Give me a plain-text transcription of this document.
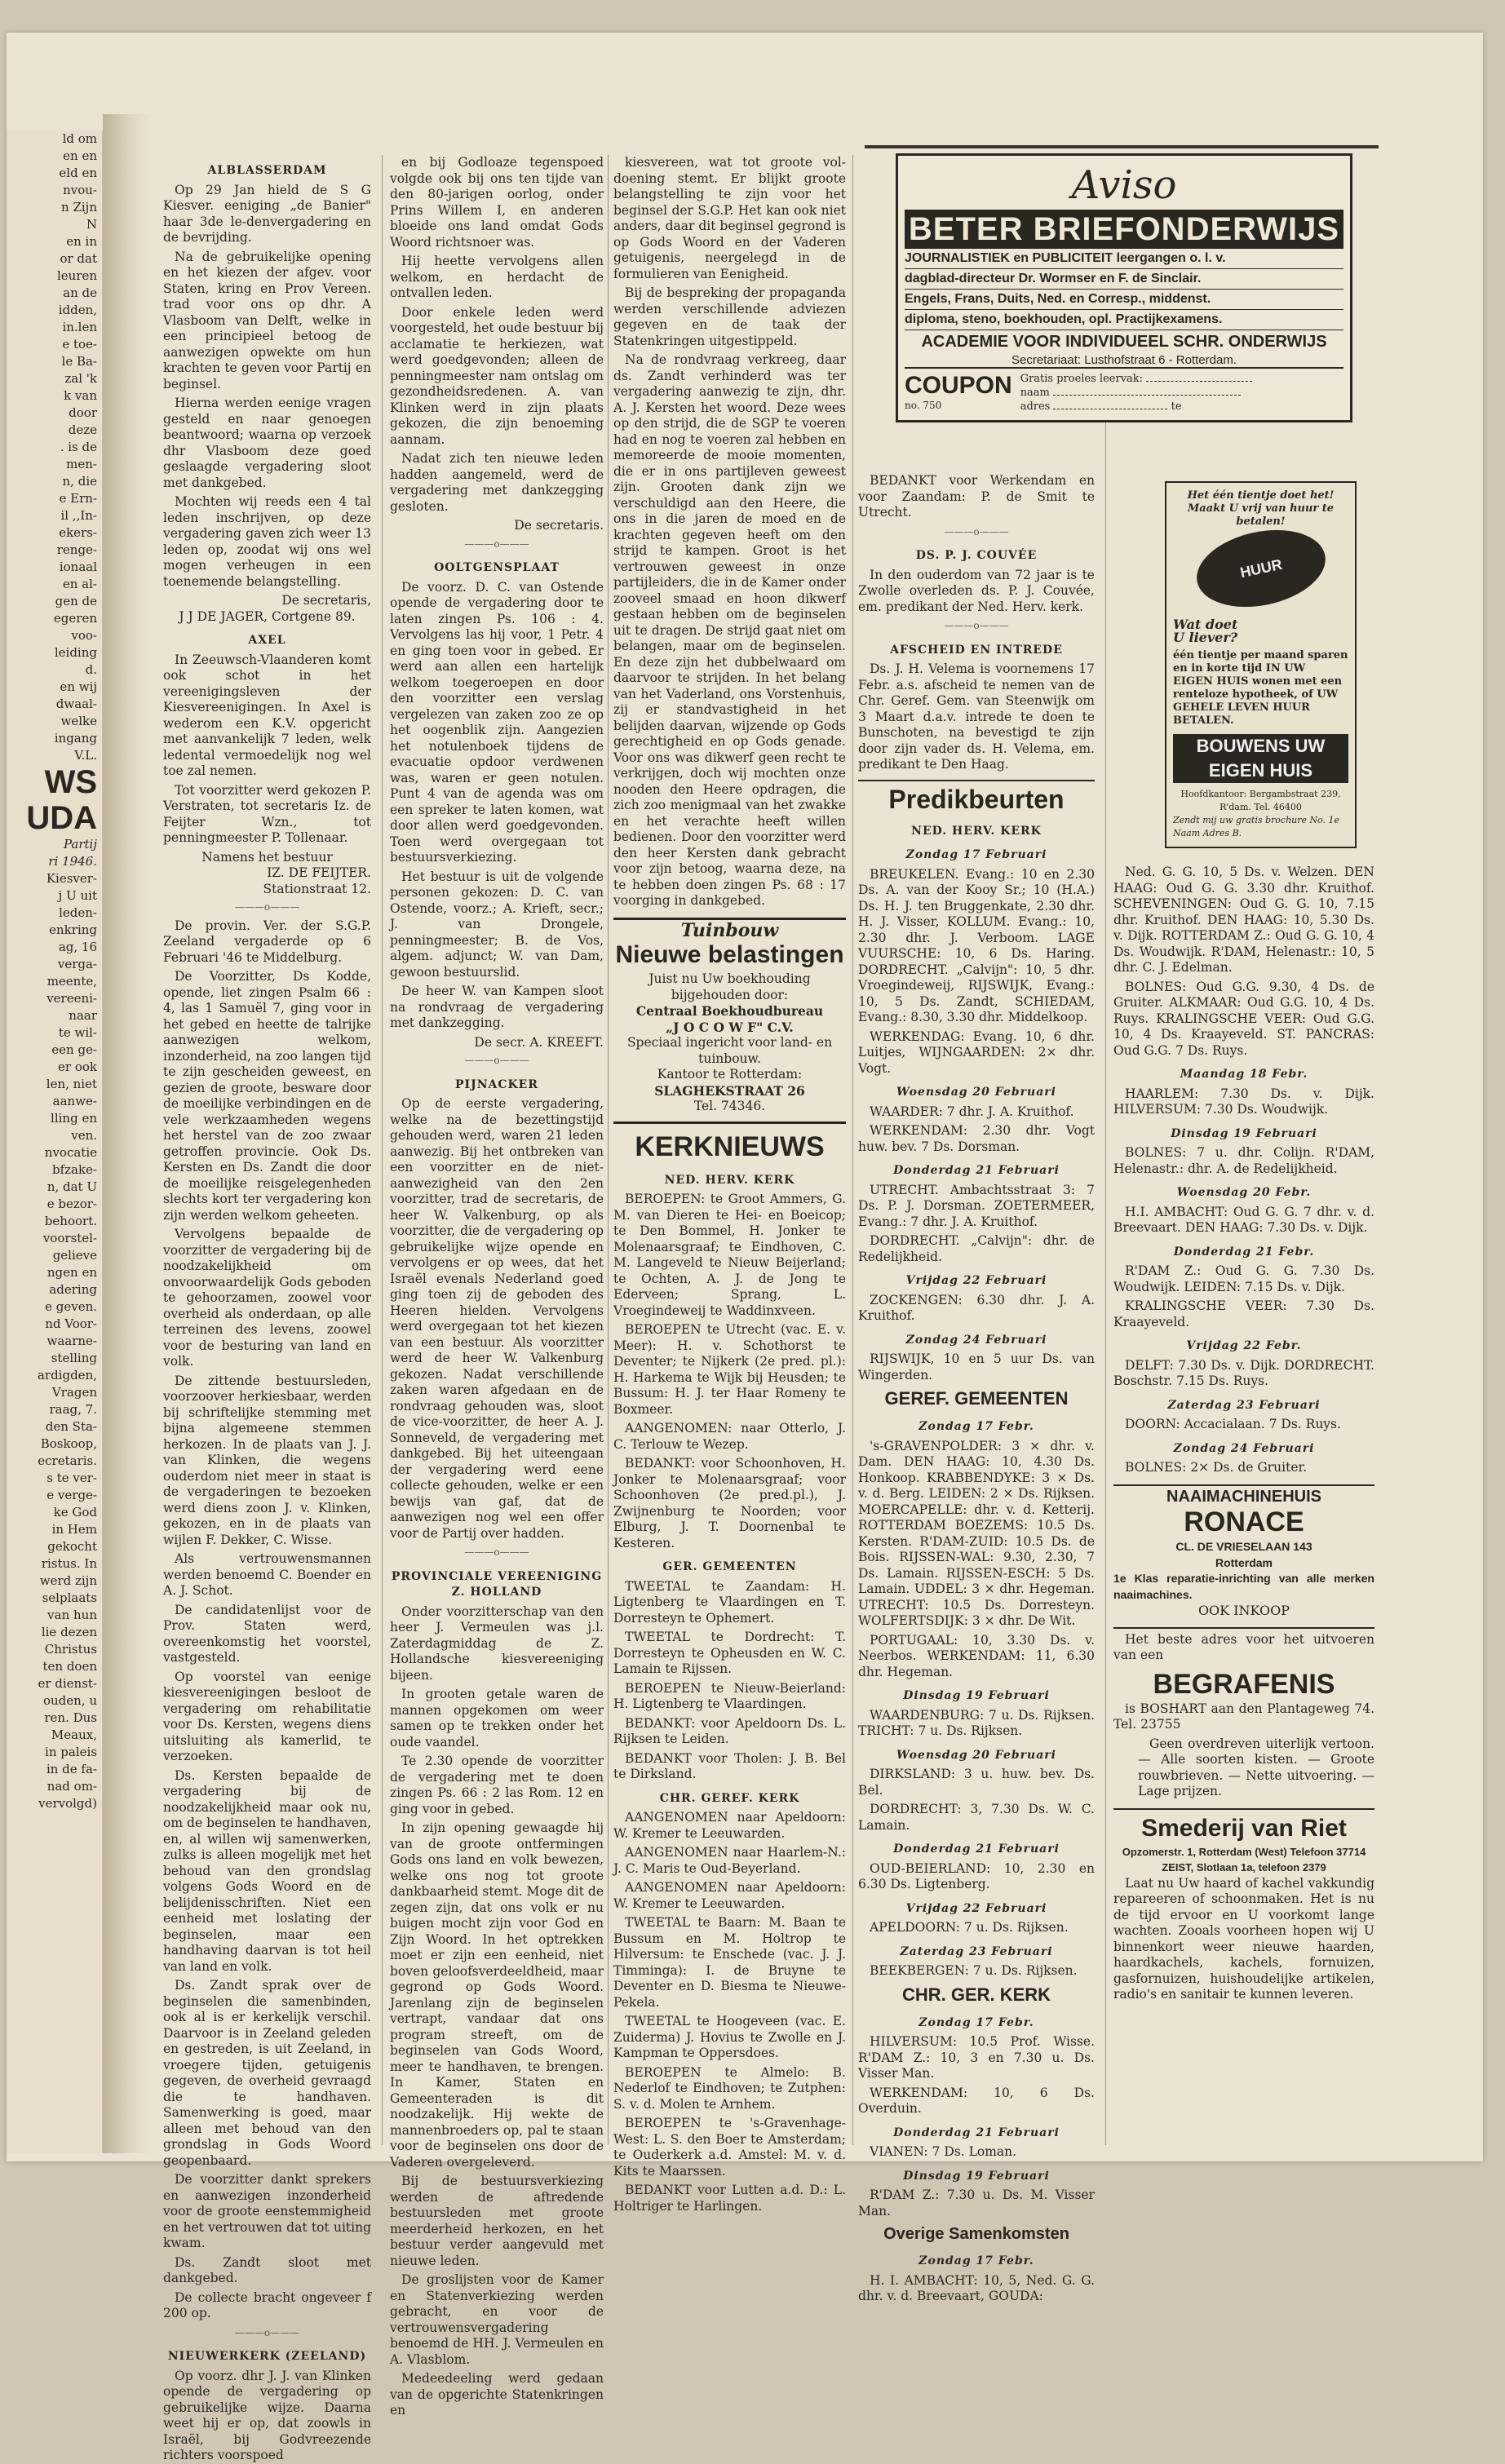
ld om
en en
eld en
nvou-
n Zijn
N
en in
or dat
leuren
an de
idden,
in.len
e toe-
le Ba-
zal 'k
k van
door
deze
. is de
men-
n, die
e Ern-
il ,,In-
ekers-
renge-
ionaal
en al-
gen de
egeren
voo-
leiding
d.
en wij
dwaal-
welke
ingang
V.L.
WS
UDA
Partij
ri 1946.
Kiesver-
j U uit
leden-
enkring
ag, 16
verga-
meente,
vereeni-
naar
te wil-
een ge-
er ook
len, niet
aanwe-
lling en
ven.
nvocatie
bfzake-
n, dat U
e bezor-
behoort.
voorstel-
gelieve
ngen en
adering
e geven.
nd Voor-
waarne-
stelling
ardigden,
Vragen
raag, 7.
den Sta-
Boskoop,
ecretaris.
s te ver-
e verge-
ke God
in Hem
gekocht
ristus. In
werd zijn
selplaats
van hun
lie dezen
Christus
ten doen
er dienst-
ouden, u
ren. Dus
Meaux,
in paleis
in de fa-
nad om-
vervolgd)
ALBLASSERDAM

Op 29 Jan hield de S G Kiesver. eeniging „de Banier" haar 3de le-denvergadering en de bevrijding.

Na de gebruikelijke opening en het kiezen der afgev. voor Staten, kring en Prov Vereen. trad voor ons op dhr. A Vlasboom van Delft, welke in een principieel betoog de aanwezigen opwekte om hun krachten te geven voor Partij en beginsel.

Hierna werden eenige vragen gesteld en naar genoegen beantwoord; waarna op verzoek dhr Vlasboom deze goed geslaagde vergadering sloot met dankgebed.

Mochten wij reeds een 4 tal leden inschrijven, op deze vergadering gaven zich weer 13 leden op, zoodat wij ons wel mogen verheugen in een toenemende belangstelling.

De secretaris,
J J DE JAGER, Cortgene 89.
AXEL

In Zeeuwsch-Vlaanderen komt ook schot in het vereenigingsleven der Kiesvereenigingen. In Axel is wederom een K.V. opgericht met aanvankelijk 7 leden, welk ledental vermoedelijk nog wel toe zal nemen.

Tot voorzitter werd gekozen P. Verstraten, tot secretaris Iz. de Feijter Wzn., tot penningmeester P. Tollenaar.

Namens het bestuur
IZ. DE FEIJTER.
Stationstraat 12.
———o———

De provin. Ver. der S.G.P. Zeeland vergaderde op 6 Februari '46 te Middelburg.

De Voorzitter, Ds Kodde, opende, liet zingen Psalm 66 : 4, las 1 Samuël 7, ging voor in het gebed en heette de talrijke aanwezigen welkom, inzonderheid, na zoo langen tijd te zijn gescheiden geweest, en gezien de groote, besware door de moeilijke verbindingen en de vele werkzaamheden wegens het herstel van de zoo zwaar getroffen provincie. Ook Ds. Kersten en Ds. Zandt die door de moeilijke reisgelegenheden slechts kort ter vergadering kon zijn werden welkom geheeten.

Vervolgens bepaalde de voorzitter de vergadering bij de noodzakelijkheid om onvoorwaardelijk Gods geboden te gehoorzamen, zoowel voor overheid als onderdaan, op alle terreinen des levens, zoowel voor de besturing van land en volk.

De zittende bestuursleden, voorzoover herkiesbaar, werden bij schriftelijke stemming met bijna algemeene stemmen herkozen. In de plaats van J. J. van Klinken, die wegens ouderdom niet meer in staat is de vergaderingen te bezoeken werd diens zoon J. v. Klinken, gekozen, en in de plaats van wijlen F. Dekker, C. Wisse.

Als vertrouwensmannen werden benoemd C. Boender en A. J. Schot.

De candidatenlijst voor de Prov. Staten werd, overeenkomstig het voorstel, vastgesteld.

Op voorstel van eenige kiesvereenigingen besloot de vergadering om rehabilitatie voor Ds. Kersten, wegens diens uitsluiting als kamerlid, te verzoeken.

Ds. Kersten bepaalde de vergadering bij de noodzakelijkheid maar ook nu, om de beginselen te handhaven, en, al willen wij samenwerken, zulks is alleen mogelijk met het behoud van den grondslag volgens Gods Woord en de belijdenisschriften. Niet een eenheid met loslating der beginselen, maar een handhaving daarvan is tot heil van land en volk.

Ds. Zandt sprak over de beginselen die samenbinden, ook al is er kerkelijk verschil. Daarvoor is in Zeeland geleden en gestreden, is uit Zeeland, in vroegere tijden, getuigenis gegeven, de overheid gevraagd die te handhaven. Samenwerking is goed, maar alleen met behoud van den grondslag in Gods Woord geopenbaard.

De voorzitter dankt sprekers en aanwezigen inzonderheid voor de groote eenstemmigheid en het vertrouwen dat tot uiting kwam.

Ds. Zandt sloot met dankgebed.

De collecte bracht ongeveer f 200 op.

———o———
NIEUWERKERK (ZEELAND)

Op voorz. dhr J. J. van Klinken opende de vergadering op gebruikelijke wijze. Daarna weet hij er op, dat zoowls in Israël, bij Godvreezende richters voorspoed

en bij Godloaze tegenspoed volgde ook bij ons ten tijde van den 80-jarigen oorlog, onder Prins Willem I, en anderen bloeide ons land omdat Gods Woord richtsnoer was.

Hij heette vervolgens allen welkom, en herdacht de ontvallen leden.

Door enkele leden werd voorgesteld, het oude bestuur bij acclamatie te herkiezen, wat werd goedgevonden; alleen de penningmeester nam ontslag om gezondheidsredenen. A. van Klinken werd in zijn plaats gekozen, die zijn benoeming aannam.

Nadat zich ten nieuwe leden hadden aangemeld, werd de vergadering met dankzegging gesloten.

De secretaris.
———o———
OOLTGENSPLAAT

De voorz. D. C. van Ostende opende de vergadering door te laten zingen Ps. 106 : 4. Vervolgens las hij voor, 1 Petr. 4 en ging toen voor in gebed. Er werd aan allen een hartelijk welkom toegeroepen en door den voorzitter een verslag vergelezen van zaken zoo ze op het oogenblik zijn. Aangezien het notulenboek tijdens de evacuatie opdoor verdwenen was, waren er geen notulen. Punt 4 van de agenda was om een spreker te laten komen, wat door allen werd goedgevonden. Toen werd overgegaan tot bestuursverkiezing.

Het bestuur is uit de volgende personen gekozen: D. C. van Ostende, voorz.; A. Krieft, secr.; J. van Drongele, penningmeester; B. de Vos, algem. adjunct; W. van Dam, gewoon bestuurslid.

De heer W. van Kampen sloot na rondvraag de vergadering met dankzegging.

De secr. A. KREEFT.
———o———
PIJNACKER

Op de eerste vergadering, welke na de bezettingstijd gehouden werd, waren 21 leden aanwezig. Bij het ontbreken van een voorzitter en de niet-aanwezigheid van den 2en voorzitter, trad de secretaris, de heer W. Valkenburg, op als voorzitter, die de vergadering op gebruikelijke wijze opende en vervolgens er op wees, dat het Israël evenals Nederland goed ging toen zij de geboden des Heeren hielden. Vervolgens werd overgegaan tot het kiezen van een bestuur. Als voorzitter werd de heer W. Valkenburg gekozen. Nadat verschillende zaken waren afgedaan en de rondvraag gehouden was, sloot de vice-voorzitter, de heer A. J. Sonneveld, de vergadering met dankgebed. Bij het uiteengaan der vergadering werd eene collecte gehouden, welke er een bewijs van gaf, dat de aanwezigen nog wel een offer voor de Partij over hadden.

———o———
PROVINCIALE VEREENIGING Z. HOLLAND

Onder voorzitterschap van den heer J. Vermeulen was j.l. Zaterdagmiddag de Z. Hollandsche kiesvereeniging bijeen.

In grooten getale waren de mannen opgekomen om weer samen op te trekken onder het oude vaandel.

Te 2.30 opende de voorzitter de vergadering met te doen zingen Ps. 66 : 2 las Rom. 12 en ging voor in gebed.

In zijn opening gewaagde hij van de groote ontfermingen Gods ons land en volk bewezen, welke ons nog tot groote dankbaarheid stemt. Moge dit de zegen zijn, dat ons volk er nu buigen mocht zijn voor God en Zijn Woord. In het optrekken moet er zijn een eenheid, niet boven geloofsverdeeldheid, maar gegrond op Gods Woord. Jarenlang zijn de beginselen vertrapt, vandaar dat ons program streeft, om de beginselen van Gods Woord, meer te handhaven, te brengen. In Kamer, Staten en Gemeenteraden is dit noodzakelijk. Hij wekte de mannenbroeders op, pal te staan voor de beginselen ons door de Vaderen overgeleverd.

Bij de bestuursverkiezing werden de aftredende bestuursleden met groote meerderheid herkozen, en het bestuur verder aangevuld met nieuwe leden.

De groslijsten voor de Kamer en Statenverkiezing werden gebracht, en voor de vertrouwensvergadering benoemd de HH. J. Vermeulen en A. Vlasblom.

Medeedeeling werd gedaan van de opgerichte Statenkringen en

kiesvereen, wat tot groote vol-doening stemt. Er blijkt groote belangstelling te zijn voor het beginsel der S.G.P. Het kan ook niet anders, daar dit beginsel gegrond is op Gods Woord en der Vaderen getuigenis, neergelegd in de formulieren van Eenigheid.

Bij de bespreking der propaganda werden verschillende adviezen gegeven en de taak der Statenkringen uitgestippeld.

Na de rondvraag verkreeg, daar ds. Zandt verhinderd was ter vergadering aanwezig te zijn, dhr. A. J. Kersten het woord. Deze wees op den strijd, die de SGP te voeren had en nog te voeren zal hebben en memoreerde de mooie momenten, die er in ons partijleven geweest zijn. Grooten dank zijn we verschuldigd aan den Heere, die ons in die jaren de moed en de krachten gegeven heeft om den strijd te kampen. Groot is het vertrouwen geweest in onze partijleiders, die in de Kamer onder zooveel smaad en hoon dikwerf gestaan hebben om de beginselen uit te dragen. De strijd gaat niet om belangen, maar om de beginselen. En deze zijn het dubbelwaard om daarvoor te strijden. In het belang van het Vaderland, ons Vorstenhuis, zij er standvastigheid in het belijden daarvan, wijzende op Gods gerechtigheid en op Gods genade. Voor ons was dikwerf geen recht te verkrijgen, doch wij mochten onze nooden den Heere opdragen, die zich zoo menigmaal van het zwakke en het verachte heeft willen bedienen. Door den voorzitter werd den heer Kersten dank gebracht voor zijn betoog, waarna deze, na te hebben doen zingen Ps. 68 : 17 voorging in dankgebed.

Tuinbouw
Nieuwe belastingen
Juist nu Uw boekhouding bijgehouden door:
Centraal Boekhoudbureau
„J O C O W F" C.V.
Speciaal ingericht voor land- en tuinbouw.
Kantoor te Rotterdam:
SLAGHEKSTRAAT 26
Tel. 74346.
KERKNIEUWS
NED. HERV. KERK

BEROEPEN: te Groot Ammers, G. M. van Dieren te Hei- en Boeicop; te Den Bommel, H. Jonker te Molenaarsgraaf; te Eindhoven, C. M. Langeveld te Nieuw Beijerland; te Ochten, A. J. de Jong te Ederveen; Sprang, L. Vroegindeweij te Waddinxveen.

BEROEPEN te Utrecht (vac. E. v. Meer): H. v. Schothorst te Deventer; te Nijkerk (2e pred. pl.): H. Harkema te Wijk bij Heusden; te Bussum: H. J. ter Haar Romeny te Boxmeer.

AANGENOMEN: naar Otterlo, J. C. Terlouw te Wezep.

BEDANKT: voor Schoonhoven, H. Jonker te Molenaarsgraaf; voor Schoonhoven (2e pred.pl.), J. Zwijnenburg te Noorden; voor Elburg, J. T. Doornenbal te Kesteren.

GER. GEMEENTEN

TWEETAL te Zaandam: H. Ligtenberg te Vlaardingen en T. Dorresteyn te Ophemert.

TWEETAL te Dordrecht: T. Dorresteyn te Opheusden en W. C. Lamain te Rijssen.

BEROEPEN te Nieuw-Beierland: H. Ligtenberg te Vlaardingen.

BEDANKT: voor Apeldoorn Ds. L. Rijksen te Leiden.

BEDANKT voor Tholen: J. B. Bel te Dirksland.

CHR. GEREF. KERK

AANGENOMEN naar Apeldoorn: W. Kremer te Leeuwarden.

AANGENOMEN naar Haarlem-N.: J. C. Maris te Oud-Beyerland.

AANGENOMEN naar Apeldoorn: W. Kremer te Leeuwarden.

TWEETAL te Baarn: M. Baan te Bussum en M. Holtrop te Hilversum: te Enschede (vac. J. J. Timminga): I. de Bruyne te Deventer en D. Biesma te Nieuwe-Pekela.

TWEETAL te Hoogeveen (vac. E. Zuiderma) J. Hovius te Zwolle en J. Kampman te Oppersdoes.

BEROEPEN te Almelo: B. Nederlof te Eindhoven; te Zutphen: S. v. d. Molen te Arnhem.

BEROEPEN te 's-Gravenhage-West: L. S. den Boer te Amsterdam; te Ouderkerk a.d. Amstel: M. v. d. Kits te Maarssen.

BEDANKT voor Lutten a.d. D.: L. Holtriger te Harlingen.

Aviso
BETER BRIEFONDERWIJS
JOURNALISTIEK en PUBLICITEIT leergangen o. l. v.
dagblad-directeur Dr. Wormser en F. de Sinclair.
Engels, Frans, Duits, Ned. en Corresp., middenst.
diploma, steno, boekhouden, opl. Practijkexamens.
ACADEMIE VOOR INDIVIDUEEL SCHR. ONDERWIJS
Secretariaat: Lusthofstraat 6 - Rotterdam.
COUPON
no. 750
Gratis proeles leervak:
naam
adres	te

BEDANKT voor Werkendam en voor Zaandam: P. de Smit te Utrecht.

———o———
DS. P. J. COUVÉE

In den ouderdom van 72 jaar is te Zwolle overleden ds. P. J. Couvée, em. predikant der Ned. Herv. kerk.

———o———
AFSCHEID EN INTREDE

Ds. J. H. Velema is voornemens 17 Febr. a.s. afscheid te nemen van de Chr. Geref. Gem. van Steenwijk om 3 Maart d.a.v. intrede te doen te Bunschoten, na bevestigd te zijn door zijn vader ds. H. Velema, em. predikant te Den Haag.

Predikbeurten
NED. HERV. KERK
Zondag 17 Februari

BREUKELEN. Evang.: 10 en 2.30 Ds. A. van der Kooy Sr.; 10 (H.A.) Ds. H. J. ten Bruggenkate, 2.30 dhr. H. J. Visser, KOLLUM. Evang.: 10, 2.30 dhr. J. Verboom. LAGE VUURSCHE: 10, 6 Ds. Haring. DORDRECHT. „Calvijn": 10, 5 dhr. Vroegindeweij, RIJSWIJK, Evang.: 10, 5 Ds. Zandt, SCHIEDAM, Evang.: 8.30, 3.30 dhr. Middelkoop.

WERKENDAG: Evang. 10, 6 dhr. Luitjes, WIJNGAARDEN: 2× dhr. Vogt.

Woensdag 20 Februari

WAARDER: 7 dhr. J. A. Kruithof.

WERKENDAM: 2.30 dhr. Vogt huw. bev. 7 Ds. Dorsman.

Donderdag 21 Februari

UTRECHT. Ambachtsstraat 3: 7 Ds. P. J. Dorsman. ZOETERMEER, Evang.: 7 dhr. J. A. Kruithof.

DORDRECHT. „Calvijn": dhr. de Redelijkheid.

Vrijdag 22 Februari

ZOCKENGEN: 6.30 dhr. J. A. Kruithof.

Zondag 24 Februari

RIJSWIJK, 10 en 5 uur Ds. van Wingerden.

GEREF. GEMEENTEN
Zondag 17 Febr.

's-GRAVENPOLDER: 3 × dhr. v. Dam. DEN HAAG: 10, 4.30 Ds. Honkoop. KRABBENDYKE: 3 × Ds. v. d. Berg. LEIDEN: 2 × Ds. Rijksen. MOERCAPELLE: dhr. v. d. Ketterij. ROTTERDAM BOEZEMS: 10.5 Ds. Kersten. R'DAM-ZUID: 10.5 Ds. de Bois. RIJSSEN-WAL: 9.30, 2.30, 7 Ds. Lamain. RIJSSEN-ESCH: 5 Ds. Lamain. UDDEL: 3 × dhr. Hegeman. UTRECHT: 10.5 Ds. Dorresteyn. WOLFERTSDIJK: 3 × dhr. De Wit.

PORTUGAAL: 10, 3.30 Ds. v. Neerbos. WERKENDAM: 11, 6.30 dhr. Hegeman.

Dinsdag 19 Februari

WAARDENBURG: 7 u. Ds. Rijksen. TRICHT: 7 u. Ds. Rijksen.

Woensdag 20 Februari

DIRKSLAND: 3 u. huw. bev. Ds. Bel.

DORDRECHT: 3, 7.30 Ds. W. C. Lamain.

Donderdag 21 Februari

OUD-BEIERLAND: 10, 2.30 en 6.30 Ds. Ligtenberg.

Vrijdag 22 Februari

APELDOORN: 7 u. Ds. Rijksen.

Zaterdag 23 Februari

BEEKBERGEN: 7 u. Ds. Rijksen.

CHR. GER. KERK
Zondag 17 Febr.

HILVERSUM: 10.5 Prof. Wisse. R'DAM Z.: 10, 3 en 7.30 u. Ds. Visser Man.

WERKENDAM: 10, 6 Ds. Overduin.

Donderdag 21 Februari

VIANEN: 7 Ds. Loman.

Dinsdag 19 Februari

R'DAM Z.: 7.30 u. Ds. M. Visser Man.

Overige Samenkomsten
Zondag 17 Febr.

H. I. AMBACHT: 10, 5, Ned. G. G. dhr. v. d. Breevaart, GOUDA:

Het één tientje doet het! Maakt U vrij van huur te betalen!
HUUR
Wat doet
U liever?
één tientje per maand sparen en in korte tijd IN UW EIGEN HUIS wonen met een renteloze hypotheek, of UW GEHELE LEVEN HUUR BETALEN.
BOUWENS UW EIGEN HUIS
Hoofdkantoor: Bergambstraat 239, R'dam. Tel. 46400
Zendt mij uw gratis brochure No. 1e
Naam Adres B.

Ned. G. G. 10, 5 Ds. v. Welzen. DEN HAAG: Oud G. G. 3.30 dhr. Kruithof. SCHEVENINGEN: Oud G. G. 10, 7.15 dhr. Kruithof. DEN HAAG: 10, 5.30 Ds. v. Dijk. ROTTERDAM Z.: Oud G. G. 10, 4 Ds. Woudwijk. R'DAM, Helenastr.: 10, 5 dhr. C. J. Edelman.

BOLNES: Oud G.G. 9.30, 4 Ds. de Gruiter. ALKMAAR: Oud G.G. 10, 4 Ds. Ruys. KRALINGSCHE VEER: Oud G.G. 10, 4 Ds. Kraayeveld. ST. PANCRAS: Oud G.G. 7 Ds. Ruys.

Maandag 18 Febr.

HAARLEM: 7.30 Ds. v. Dijk. HILVERSUM: 7.30 Ds. Woudwijk.

Dinsdag 19 Februari

BOLNES: 7 u. dhr. Colijn. R'DAM, Helenastr.: dhr. A. de Redelijkheid.

Woensdag 20 Febr.

H.I. AMBACHT: Oud G. G. 7 dhr. v. d. Breevaart. DEN HAAG: 7.30 Ds. v. Dijk.

Donderdag 21 Febr.

R'DAM Z.: Oud G. G. 7.30 Ds. Woudwijk. LEIDEN: 7.15 Ds. v. Dijk.

KRALINGSCHE VEER: 7.30 Ds. Kraayeveld.

Vrijdag 22 Febr.

DELFT: 7.30 Ds. v. Dijk. DORDRECHT. Boschstr. 7.15 Ds. Ruys.

Zaterdag 23 Februari

DOORN: Accacialaan. 7 Ds. Ruys.

Zondag 24 Februari

BOLNES: 2× Ds. de Gruiter.

NAAIMACHINEHUIS
RONACE
CL. DE VRIESELAAN 143
Rotterdam
1e Klas reparatie-inrichting van alle merken naaimachines.
OOK INKOOP

Het beste adres voor het uitvoeren van een

BEGRAFENIS

is BOSHART aan den Plantageweg 74. Tel. 23755

Geen overdreven uiterlijk vertoon. — Alle soorten kisten. — Groote rouwbrieven. — Nette uitvoering. — Lage prijzen.

Smederij van Riet
Opzomerstr. 1, Rotterdam (West) Telefoon 37714
ZEIST, Slotlaan 1a, telefoon 2379

Laat nu Uw haard of kachel vakkundig repareeren of schoonmaken. Het is nu de tijd ervoor en U voorkomt lange wachten. Zooals voorheen hopen wij U binnenkort weer nieuwe haarden, haardkachels, kachels, fornuizen, gasfornuizen, huishoudelijke artikelen, radio's en sanitair te kunnen leveren.
